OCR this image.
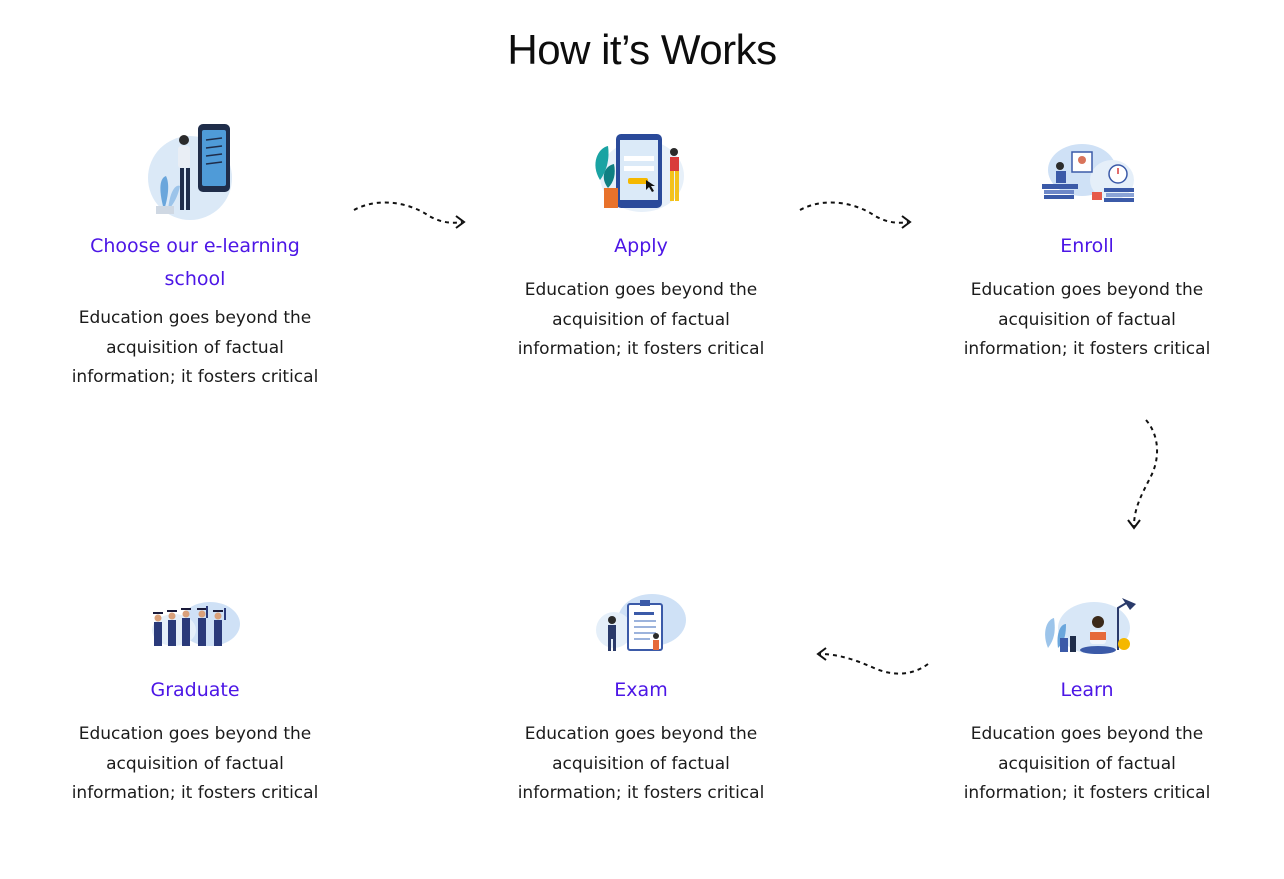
How it’s Works
Choose our e-learning school
Education goes beyond the acquisition of factual information; it fosters critical
Apply
Education goes beyond the acquisition of factual information; it fosters critical
Enroll
Education goes beyond the acquisition of factual information; it fosters critical
Learn
Education goes beyond the acquisition of factual information; it fosters critical
Exam
Education goes beyond the acquisition of factual information; it fosters critical
Graduate
Education goes beyond the acquisition of factual information; it fosters critical
